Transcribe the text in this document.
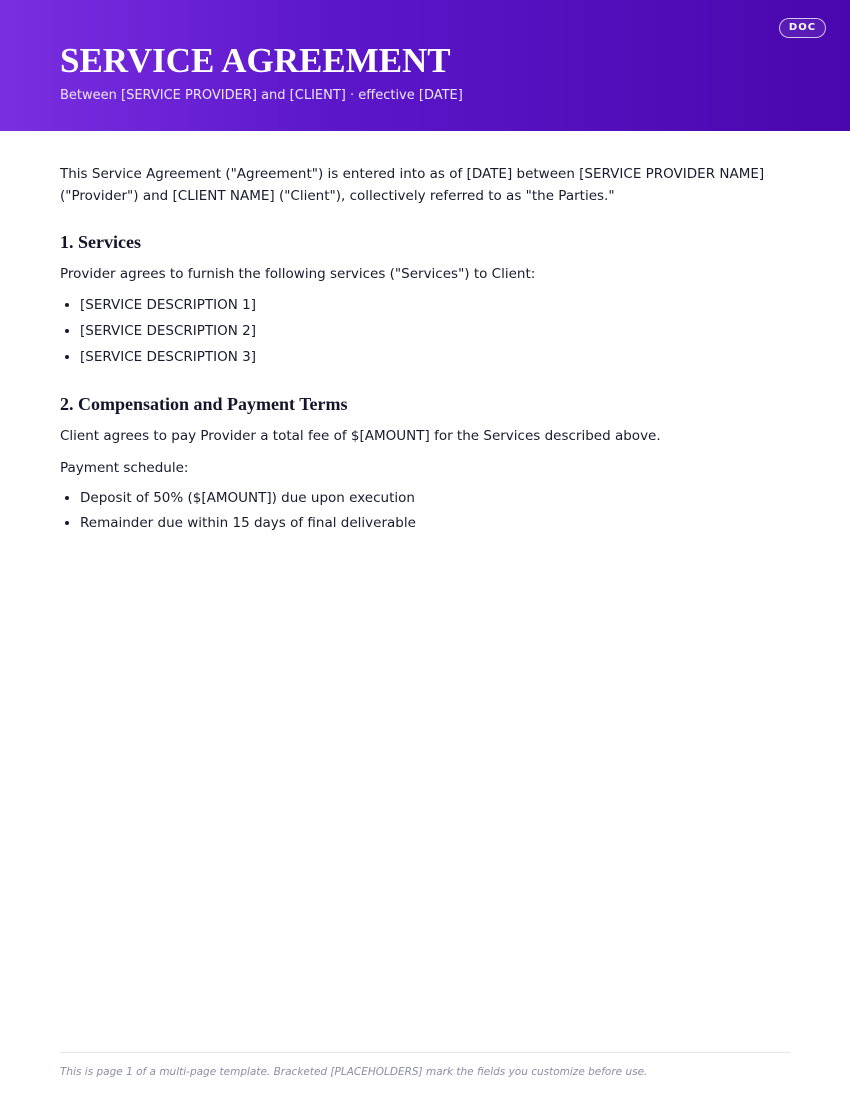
DOC
SERVICE AGREEMENT

Between [SERVICE PROVIDER] and [CLIENT] · effective [DATE]

This Service Agreement ("Agreement") is entered into as of [DATE] between [SERVICE PROVIDER NAME] ("Provider") and [CLIENT NAME] ("Client"), collectively referred to as "the Parties."

1. Services

Provider agrees to furnish the following services ("Services") to Client:

• [SERVICE DESCRIPTION 1]
• [SERVICE DESCRIPTION 2]
• [SERVICE DESCRIPTION 3]
2. Compensation and Payment Terms

Client agrees to pay Provider a total fee of $[AMOUNT] for the Services described above.

Payment schedule:

• Deposit of 50% ($[AMOUNT]) due upon execution
• Remainder due within 15 days of final deliverable

This is page 1 of a multi-page template. Bracketed [PLACEHOLDERS] mark the fields you customize before use.
